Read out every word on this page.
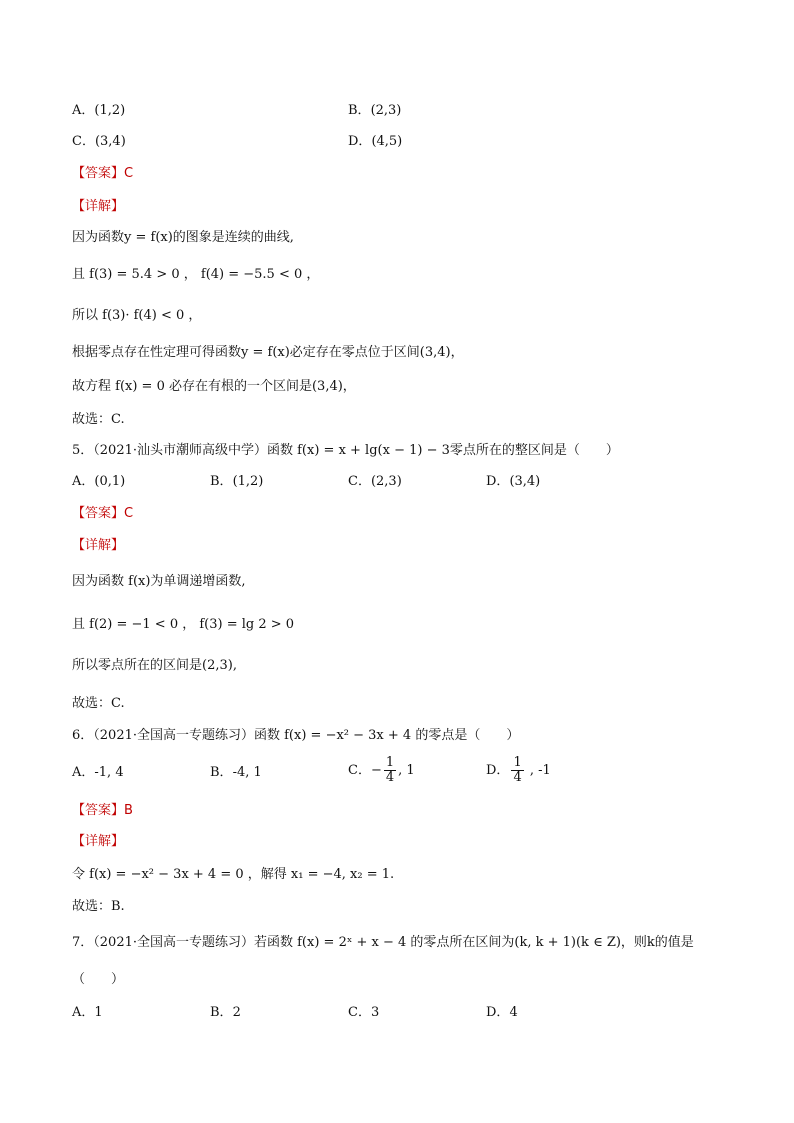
A．(1,2)	B．(2,3)
C．(3,4)	D．(4,5)
【答案】C
【详解】
因为函数y = f(x)的图象是连续的曲线,
且 f(3) = 5.4 > 0 ， f(4) = −5.5 < 0 ，
所以 f(3)· f(4) < 0 ，
根据零点存在性定理可得函数y = f(x)必定存在零点位于区间(3,4)，
故方程 f(x) = 0 必存在有根的一个区间是(3,4)，
故选：C.
5．（2021·汕头市潮师高级中学）函数 f(x) = x + lg(x − 1) − 3零点所在的整区间是（　　）
A．(0,1)	B．(1,2)	C．(2,3)	D．(3,4)
【答案】C
【详解】
因为函数 f(x)为单调递增函数,
且 f(2) = −1 < 0 ， f(3) = lg 2 > 0
所以零点所在的区间是(2,3),
故选：C.
6．（2021·全国高一专题练习）函数 f(x) = −x² − 3x + 4 的零点是（　　）
A．-1, 4	B．-4, 1	C．− $\frac{1}{4}$ , 1	D． $\frac{1}{4}$ , -1
【答案】B
【详解】
令 f(x) = −x² − 3x + 4 = 0 ，解得 x₁ = −4, x₂ = 1.
故选：B.
7．（2021·全国高一专题练习）若函数 f(x) = 2ˣ + x − 4 的零点所在区间为(k, k + 1)(k ∈ Z)，则k的值是
（　　）
A．1	B．2	C．3	D．4
